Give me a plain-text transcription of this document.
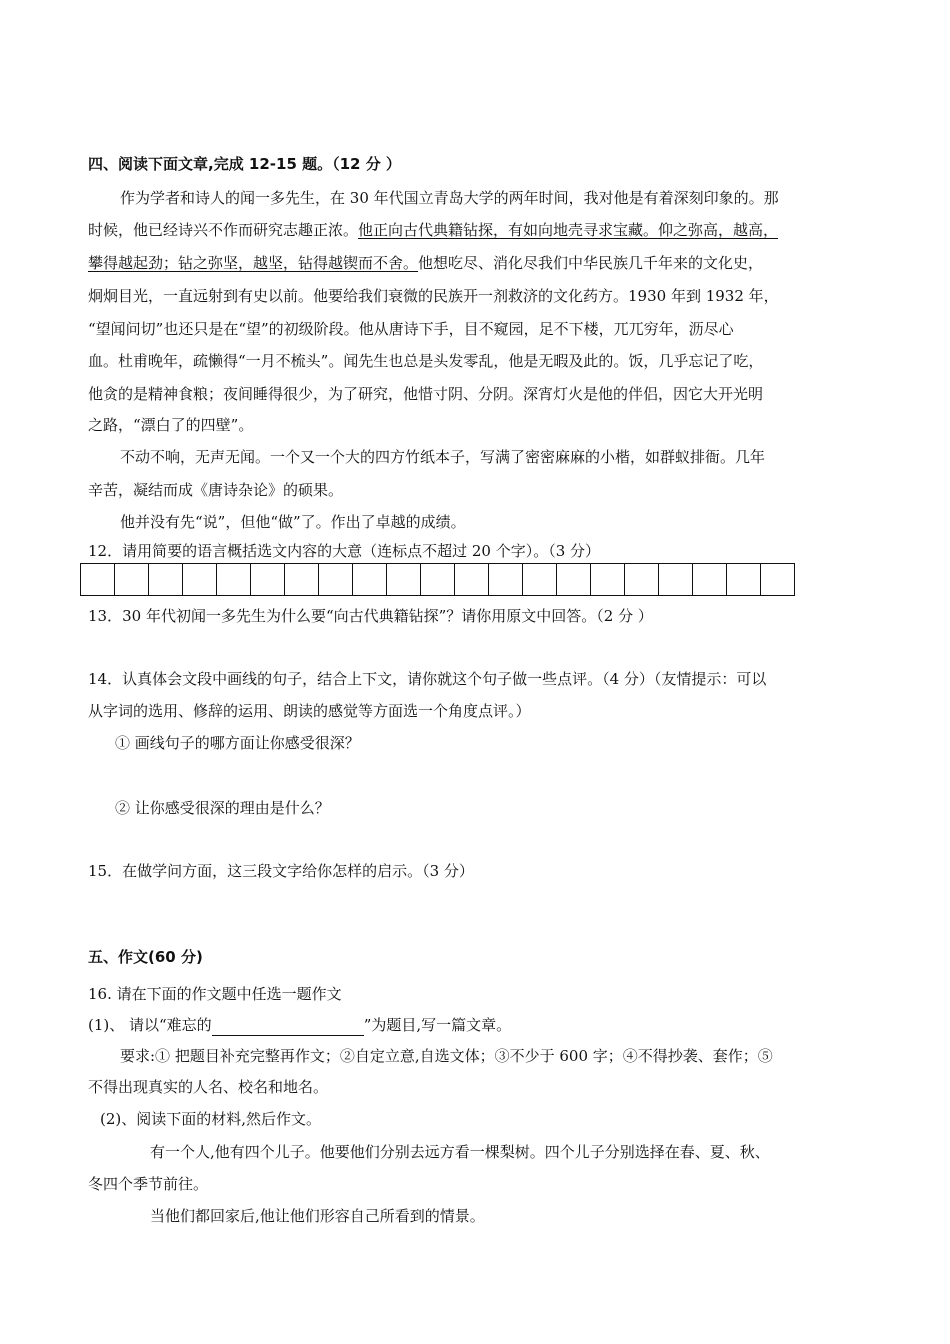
四、阅读下面文章,完成 12-15 题。（12 分 ）
作为学者和诗人的闻一多先生，在 30 年代国立青岛大学的两年时间，我对他是有着深刻印象的。那
时候，他已经诗兴不作而研究志趣正浓。他正向古代典籍钻探，有如向地壳寻求宝藏。仰之弥高，越高，
攀得越起劲；钻之弥坚，越坚，钻得越锲而不舍。他想吃尽、消化尽我们中华民族几千年来的文化史，
炯炯目光，一直远射到有史以前。他要给我们衰微的民族开一剂救济的文化药方。1930 年到 1932 年，
“望闻问切”也还只是在“望”的初级阶段。他从唐诗下手，目不窥园，足不下楼，兀兀穷年，沥尽心
血。杜甫晚年，疏懒得“一月不梳头”。闻先生也总是头发零乱，他是无暇及此的。饭，几乎忘记了吃，
他贪的是精神食粮；夜间睡得很少，为了研究，他惜寸阴、分阴。深宵灯火是他的伴侣，因它大开光明
之路，“漂白了的四壁”。
不动不响，无声无闻。一个又一个大的四方竹纸本子，写满了密密麻麻的小楷，如群蚁排衙。几年
辛苦，凝结而成《唐诗杂论》的硕果。
他并没有先“说”，但他“做”了。作出了卓越的成绩。
12．请用简要的语言概括选文内容的大意（连标点不超过 20 个字）。（3 分）
13．30 年代初闻一多先生为什么要“向古代典籍钻探”？请你用原文中回答。（2 分 ）
14．认真体会文段中画线的句子，结合上下文，请你就这个句子做一些点评。（4 分）（友情提示：可以
从字词的选用、修辞的运用、朗读的感觉等方面选一个角度点评。）
① 画线句子的哪方面让你感受很深？
② 让你感受很深的理由是什么？
15．在做学问方面，这三段文字给你怎样的启示。（3 分）
五、作文(60 分)
16. 请在下面的作文题中任选一题作文
(1)、 请以“难忘的	”为题目,写一篇文章。
要求:① 把题目补充完整再作文；②自定立意,自选文体；③不少于 600 字；④不得抄袭、套作；⑤
不得出现真实的人名、校名和地名。
(2)、阅读下面的材料,然后作文。
有一个人,他有四个儿子。他要他们分别去远方看一棵梨树。四个儿子分别选择在春、夏、秋、
冬四个季节前往。
当他们都回家后,他让他们形容自己所看到的情景。
